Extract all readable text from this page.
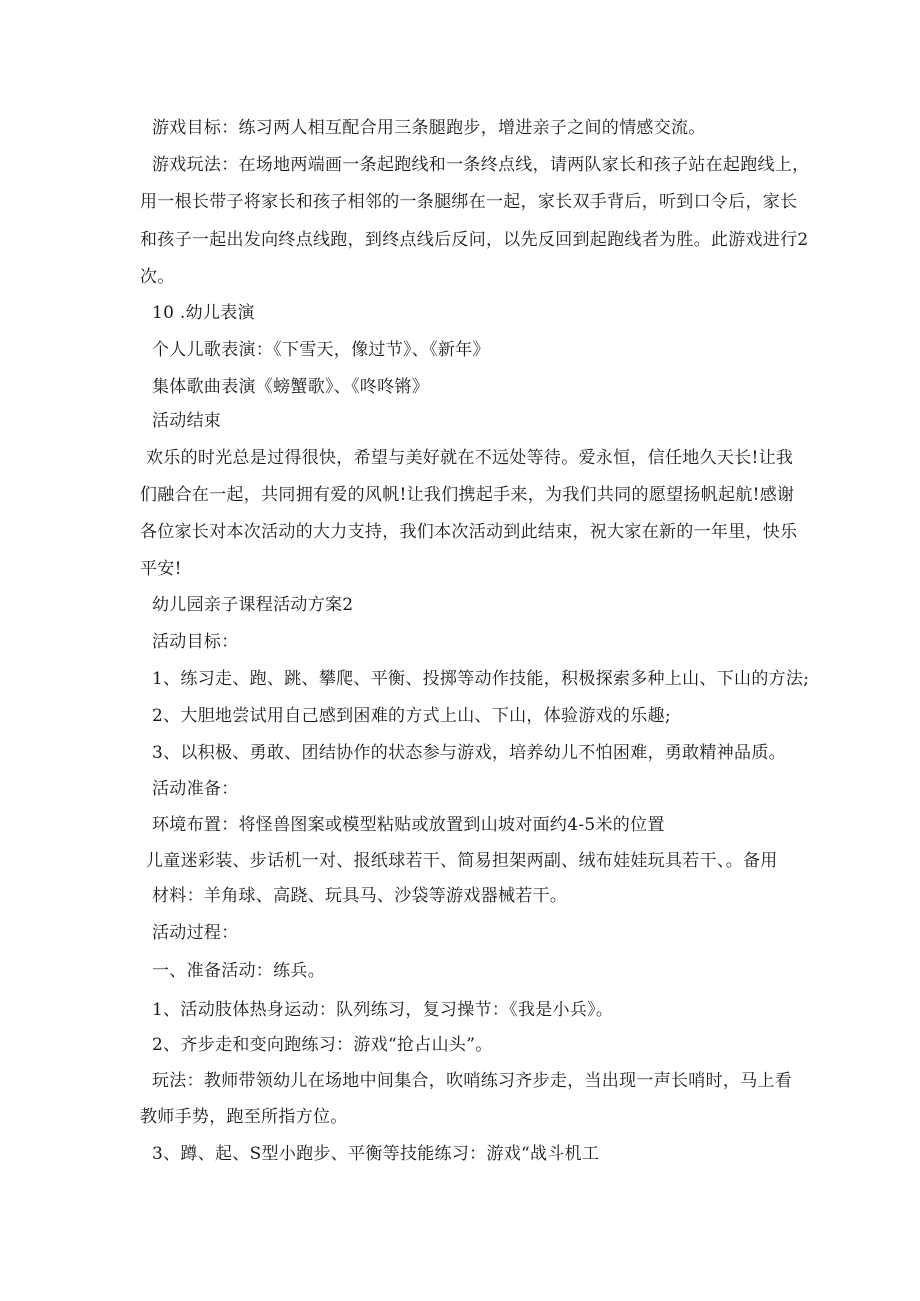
游戏目标：练习两人相互配合用三条腿跑步，增进亲子之间的情感交流。
游戏玩法：在场地两端画一条起跑线和一条终点线，请两队家长和孩子站在起跑线上，
用一根长带子将家长和孩子相邻的一条腿绑在一起，家长双手背后，听到口令后，家长
和孩子一起出发向终点线跑，到终点线后反问，以先反回到起跑线者为胜。此游戏进行2
次。
10 .幼儿表演
个人儿歌表演：《下雪天，像过节》、《新年》
集体歌曲表演《螃蟹歌》、《咚咚锵》
活动结束
欢乐的时光总是过得很快，希望与美好就在不远处等待。爱永恒，信任地久天长!让我
们融合在一起，共同拥有爱的风帆!让我们携起手来，为我们共同的愿望扬帆起航!感谢
各位家长对本次活动的大力支持，我们本次活动到此结束，祝大家在新的一年里，快乐
平安!
幼儿园亲子课程活动方案2
活动目标：
1、练习走、跑、跳、攀爬、平衡、投掷等动作技能，积极探索多种上山、下山的方法;
2、大胆地尝试用自己感到困难的方式上山、下山，体验游戏的乐趣;
3、以积极、勇敢、团结协作的状态参与游戏，培养幼儿不怕困难，勇敢精神品质。
活动准备：
环境布置：将怪兽图案或模型粘贴或放置到山坡对面约4-5米的位置
儿童迷彩装、步话机一对、报纸球若干、简易担架两副、绒布娃娃玩具若干、。备用
材料：羊角球、高跷、玩具马、沙袋等游戏器械若干。
活动过程：
一、准备活动：练兵。
1、活动肢体热身运动：队列练习，复习操节：《我是小兵》。
2、齐步走和变向跑练习：游戏“抢占山头”。
玩法：教师带领幼儿在场地中间集合，吹哨练习齐步走，当出现一声长哨时，马上看
教师手势，跑至所指方位。
3、蹲、起、S型小跑步、平衡等技能练习：游戏“战斗机工
